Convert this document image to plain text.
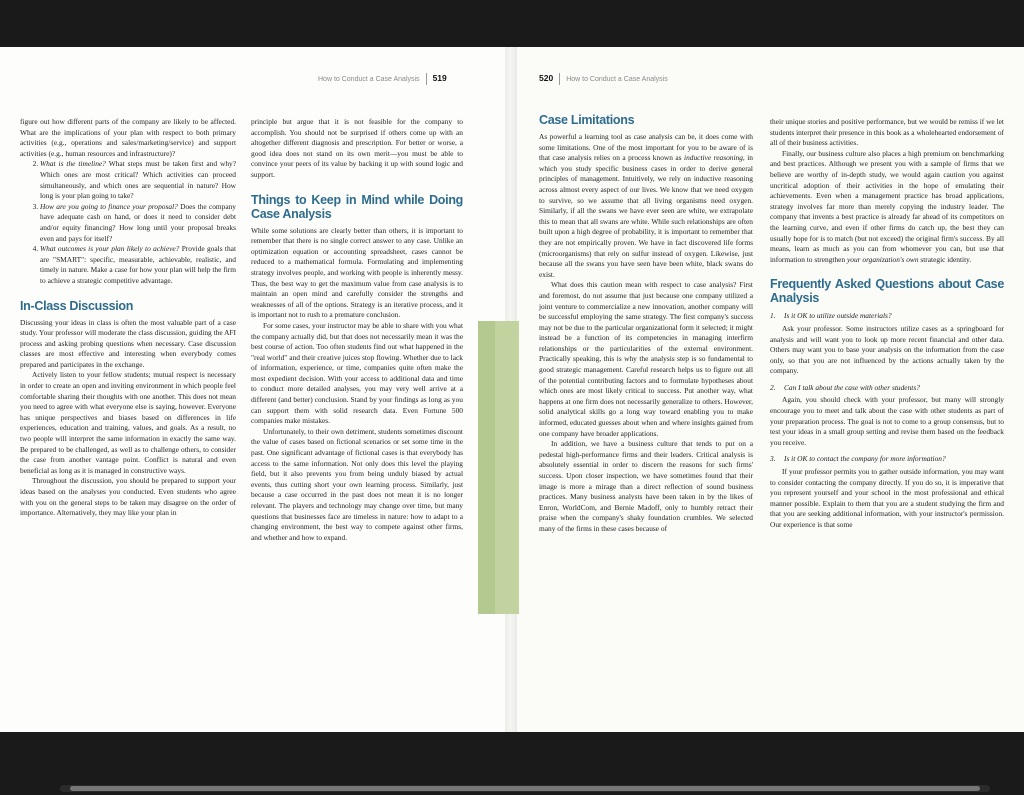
How to Conduct a Case Analysis 519

figure out how different parts of the company are likely to be affected. What are the implications of your plan with respect to both primary activities (e.g., operations and sales/marketing/service) and support activities (e.g., human resources and infrastructure)?

2. What is the timeline? What steps must be taken first and why? Which ones are most critical? Which activities can proceed simultaneously, and which ones are sequential in nature? How long is your plan going to take?
3. How are you going to finance your proposal? Does the company have adequate cash on hand, or does it need to consider debt and/or equity financing? How long until your proposal breaks even and pays for itself?
4. What outcomes is your plan likely to achieve? Provide goals that are "SMART": specific, measurable, achievable, realistic, and timely in nature. Make a case for how your plan will help the firm to achieve a strategic competitive advantage.
In-Class Discussion

Discussing your ideas in class is often the most valuable part of a case study. Your professor will moderate the class discussion, guiding the AFI process and asking probing questions when necessary. Case discussion classes are most effective and interesting when everybody comes prepared and participates in the exchange.

Actively listen to your fellow students; mutual respect is necessary in order to create an open and inviting environment in which people feel comfortable sharing their thoughts with one another. This does not mean you need to agree with what everyone else is saying, however. Everyone has unique perspectives and biases based on differences in life experiences, education and training, values, and goals. As a result, no two people will interpret the same information in exactly the same way. Be prepared to be challenged, as well as to challenge others, to consider the case from another vantage point. Conflict is natural and even beneficial as long as it is managed in constructive ways.

Throughout the discussion, you should be prepared to support your ideas based on the analyses you conducted. Even students who agree with you on the general steps to be taken may disagree on the order of importance. Alternatively, they may like your plan in

principle but argue that it is not feasible for the company to accomplish. You should not be surprised if others come up with an altogether different diagnosis and prescription. For better or worse, a good idea does not stand on its own merit—you must be able to convince your peers of its value by backing it up with sound logic and support.

Things to Keep in Mind while Doing Case Analysis

While some solutions are clearly better than others, it is important to remember that there is no single correct answer to any case. Unlike an optimization equation or accounting spreadsheet, cases cannot be reduced to a mathematical formula. Formulating and implementing strategy involves people, and working with people is inherently messy. Thus, the best way to get the maximum value from case analysis is to maintain an open mind and carefully consider the strengths and weaknesses of all of the options. Strategy is an iterative process, and it is important not to rush to a premature conclusion.

For some cases, your instructor may be able to share with you what the company actually did, but that does not necessarily mean it was the best course of action. Too often students find out what happened in the "real world" and their creative juices stop flowing. Whether due to lack of information, experience, or time, companies quite often make the most expedient decision. With your access to additional data and time to conduct more detailed analyses, you may very well arrive at a different (and better) conclusion. Stand by your findings as long as you can support them with solid research data. Even Fortune 500 companies make mistakes.

Unfortunately, to their own detriment, students sometimes discount the value of cases based on fictional scenarios or set some time in the past. One significant advantage of fictional cases is that everybody has access to the same information. Not only does this level the playing field, but it also prevents you from being unduly biased by actual events, thus cutting short your own learning process. Similarly, just because a case occurred in the past does not mean it is no longer relevant. The players and technology may change over time, but many questions that businesses face are timeless in nature: how to adapt to a changing environment, the best way to compete against other firms, and whether and how to expand.

520 How to Conduct a Case Analysis
Case Limitations

As powerful a learning tool as case analysis can be, it does come with some limitations. One of the most important for you to be aware of is that case analysis relies on a process known as inductive reasoning, in which you study specific business cases in order to derive general principles of management. Intuitively, we rely on inductive reasoning across almost every aspect of our lives. We know that we need oxygen to survive, so we assume that all living organisms need oxygen. Similarly, if all the swans we have ever seen are white, we extrapolate this to mean that all swans are white. While such relationships are often built upon a high degree of probability, it is important to remember that they are not empirically proven. We have in fact discovered life forms (microorganisms) that rely on sulfur instead of oxygen. Likewise, just because all the swans you have seen have been white, black swans do exist.

What does this caution mean with respect to case analysis? First and foremost, do not assume that just because one company utilized a joint venture to commercialize a new innovation, another company will be successful employing the same strategy. The first company's success may not be due to the particular organizational form it selected; it might instead be a function of its competencies in managing interfirm relationships or the particularities of the external environment. Practically speaking, this is why the analysis step is so fundamental to good strategic management. Careful research helps us to figure out all of the potential contributing factors and to formulate hypotheses about which ones are most likely critical to success. Put another way, what happens at one firm does not necessarily generalize to others. However, solid analytical skills go a long way toward enabling you to make informed, educated guesses about when and where insights gained from one company have broader applications.

In addition, we have a business culture that tends to put on a pedestal high-performance firms and their leaders. Critical analysis is absolutely essential in order to discern the reasons for such firms' success. Upon closer inspection, we have sometimes found that their image is more a mirage than a direct reflection of sound business practices. Many business analysts have been taken in by the likes of Enron, WorldCom, and Bernie Madoff, only to humbly retract their praise when the company's shaky foundation crumbles. We selected many of the firms in these cases because of

their unique stories and positive performance, but we would be remiss if we let students interpret their presence in this book as a wholehearted endorsement of all of their business activities.

Finally, our business culture also places a high premium on benchmarking and best practices. Although we present you with a sample of firms that we believe are worthy of in-depth study, we would again caution you against uncritical adoption of their activities in the hope of emulating their achievements. Even when a management practice has broad applications, strategy involves far more than merely copying the industry leader. The company that invents a best practice is already far ahead of its competitors on the learning curve, and even if other firms do catch up, the best they can usually hope for is to match (but not exceed) the original firm's success. By all means, learn as much as you can from whomever you can, but use that information to strengthen your organization's own strategic identity.

Frequently Asked Questions about Case Analysis
1. Is it OK to utilize outside materials?

Ask your professor. Some instructors utilize cases as a springboard for analysis and will want you to look up more recent financial and other data. Others may want you to base your analysis on the information from the case only, so that you are not influenced by the actions actually taken by the company.

2. Can I talk about the case with other students?

Again, you should check with your professor, but many will strongly encourage you to meet and talk about the case with other students as part of your preparation process. The goal is not to come to a group consensus, but to test your ideas in a small group setting and revise them based on the feedback you receive.

3. Is it OK to contact the company for more information?

If your professor permits you to gather outside information, you may want to consider contacting the company directly. If you do so, it is imperative that you represent yourself and your school in the most professional and ethical manner possible. Explain to them that you are a student studying the firm and that you are seeking additional information, with your instructor's permission. Our experience is that some
